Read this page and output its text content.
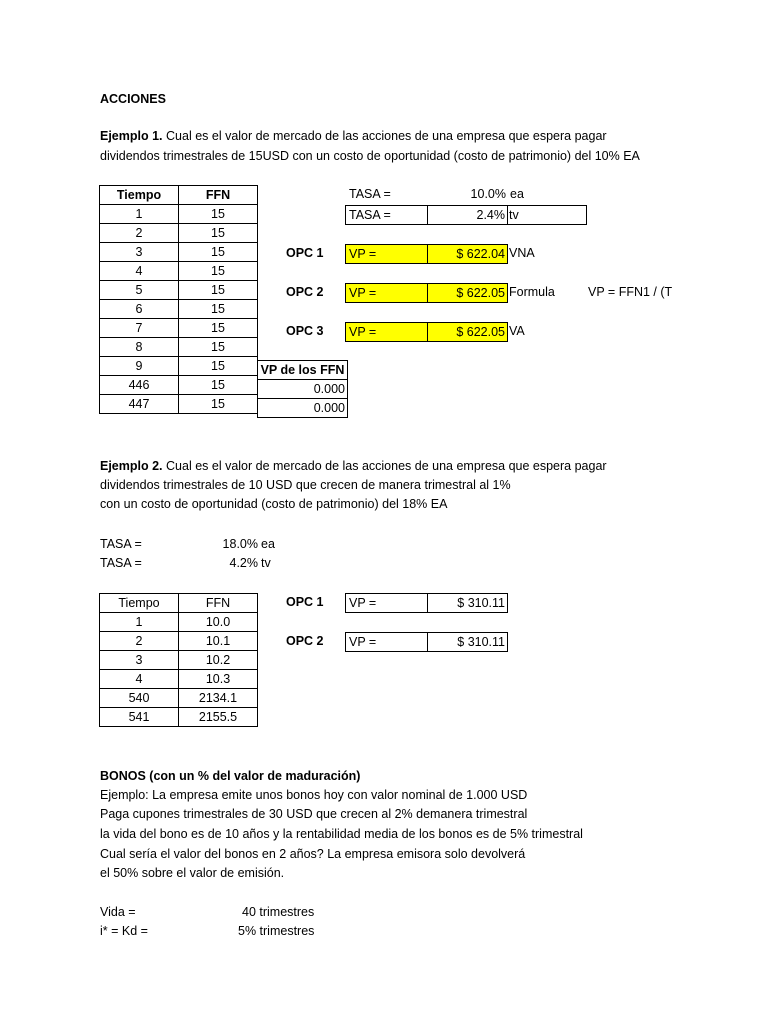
ACCIONES
Ejemplo 1. Cual es el valor de mercado de las acciones de una empresa que espera pagar
dividendos trimestrales de 15USD con un costo de oportunidad (costo de patrimonio) del 10% EA
Tiempo	FFN
1	15
2	15
3	15
4	15
5	15
6	15
7	15
8	15
9	15
446	15
447	15
VP de los FFN
0.000
0.000
TASA =	10.0% ea
TASA =	2.4% tv
OPC 1	VP =	$ 622.04 VNA
OPC 2	VP =	$ 622.05 Formula	VP = FFN1 / (T
OPC 3	VP =	$ 622.05 VA
Ejemplo 2. Cual es el valor de mercado de las acciones de una empresa que espera pagar
dividendos trimestrales de 10 USD que crecen de manera trimestral al 1%
con un costo de oportunidad (costo de patrimonio) del 18% EA
TASA =	18.0% ea
TASA =	4.2% tv
Tiempo	FFN
1	10.0
2	10.1
3	10.2
4	10.3
540	2134.1
541	2155.5
OPC 1	VP =	$ 310.11
OPC 2	VP =	$ 310.11
BONOS (con un % del valor de maduración)
Ejemplo: La empresa emite unos bonos hoy con valor nominal de 1.000 USD
Paga cupones trimestrales de 30 USD que crecen al 2% demanera trimestral
la vida del bono es de 10 años y la rentabilidad media de los bonos es de 5% trimestral
Cual sería el valor del bonos en 2 años? La empresa emisora solo devolverá
el 50% sobre el valor de emisión.
Vida =	40 trimestres
i* = Kd =	5% trimestres
